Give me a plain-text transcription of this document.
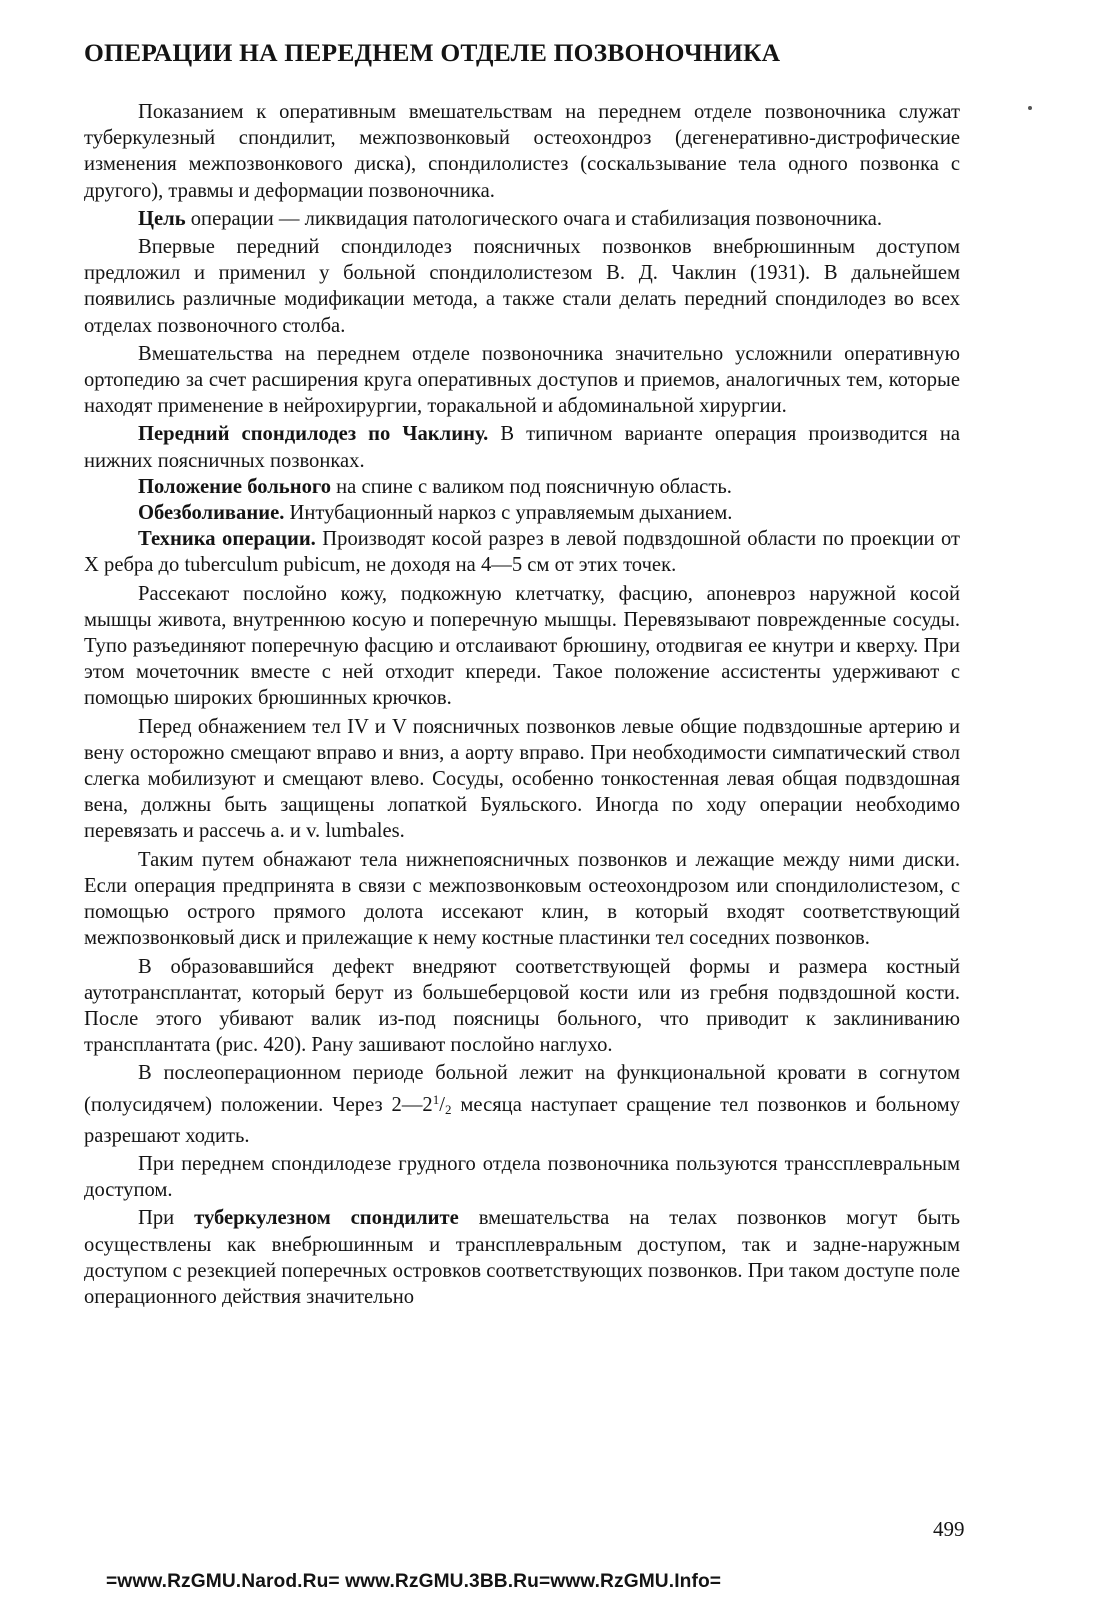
ОПЕРАЦИИ НА ПЕРЕДНЕМ ОТДЕЛЕ ПОЗВОНОЧНИКА

Показанием к оперативным вмешательствам на переднем отделе позвоночника служат туберкулезный спондилит, межпозвонковый остеохондроз (дегенеративно-дистрофические изменения межпозвонкового диска), спондилолистез (соскальзывание тела одного позвонка с другого), травмы и деформации позвоночника.

Цель операции — ликвидация патологического очага и стабилизация позвоночника.

Впервые передний спондилодез поясничных позвонков внебрюшинным доступом предложил и применил у больной спондилолистезом В. Д. Чаклин (1931). В дальнейшем появились различные модификации метода, а также стали делать передний спондилодез во всех отделах позвоночного столба.

Вмешательства на переднем отделе позвоночника значительно усложнили оперативную ортопедию за счет расширения круга оперативных доступов и приемов, аналогичных тем, которые находят применение в нейрохирургии, торакальной и абдоминальной хирургии.

Передний спондилодез по Чаклину. В типичном варианте операция производится на нижних поясничных позвонках.

Положение больного на спине с валиком под поясничную область.

Обезболивание. Интубационный наркоз с управляемым дыханием.

Техника операции. Производят косой разрез в левой подвздошной области по проекции от X ребра до tuberculum pubicum, не доходя на 4—5 см от этих точек.

Рассекают послойно кожу, подкожную клетчатку, фасцию, апоневроз наружной косой мышцы живота, внутреннюю косую и поперечную мышцы. Перевязывают поврежденные сосуды. Тупо разъединяют поперечную фасцию и отслаивают брюшину, отодвигая ее кнутри и кверху. При этом мочеточник вместе с ней отходит кпереди. Такое положение ассистенты удерживают с помощью широких брюшинных крючков.

Перед обнажением тел IV и V поясничных позвонков левые общие подвздошные артерию и вену осторожно смещают вправо и вниз, а аорту вправо. При необходимости симпатический ствол слегка мобилизуют и смещают влево. Сосуды, особенно тонкостенная левая общая подвздошная вена, должны быть защищены лопаткой Буяльского. Иногда по ходу операции необходимо перевязать и рассечь a. и v. lumbales.

Таким путем обнажают тела нижнепоясничных позвонков и лежащие между ними диски. Если операция предпринята в связи с межпозвонковым остеохондрозом или спондилолистезом, с помощью острого прямого долота иссекают клин, в который входят соответствующий межпозвонковый диск и прилежащие к нему костные пластинки тел соседних позвонков.

В образовавшийся дефект внедряют соответствующей формы и размера костный аутотрансплантат, который берут из большеберцовой кости или из гребня подвздошной кости. После этого убивают валик из-под поясницы больного, что приводит к заклиниванию трансплантата (рис. 420). Рану зашивают послойно наглухо.

В послеоперационном периоде больной лежит на функциональной кровати в согнутом (полусидячем) положении. Через $2—2^1/_2$ месяца наступает сращение тел позвонков и больному разрешают ходить.

При переднем спондилодезе грудного отдела позвоночника пользуются транссплевральным доступом.

При туберкулезном спондилите вмешательства на телах позвонков могут быть осуществлены как внебрюшинным и трансплевральным доступом, так и задне-наружным доступом с резекцией поперечных островков соответствующих позвонков. При таком доступе поле операционного действия значительно

499
=www.RzGMU.Narod.Ru= www.RzGMU.3BB.Ru=www.RzGMU.Info=
